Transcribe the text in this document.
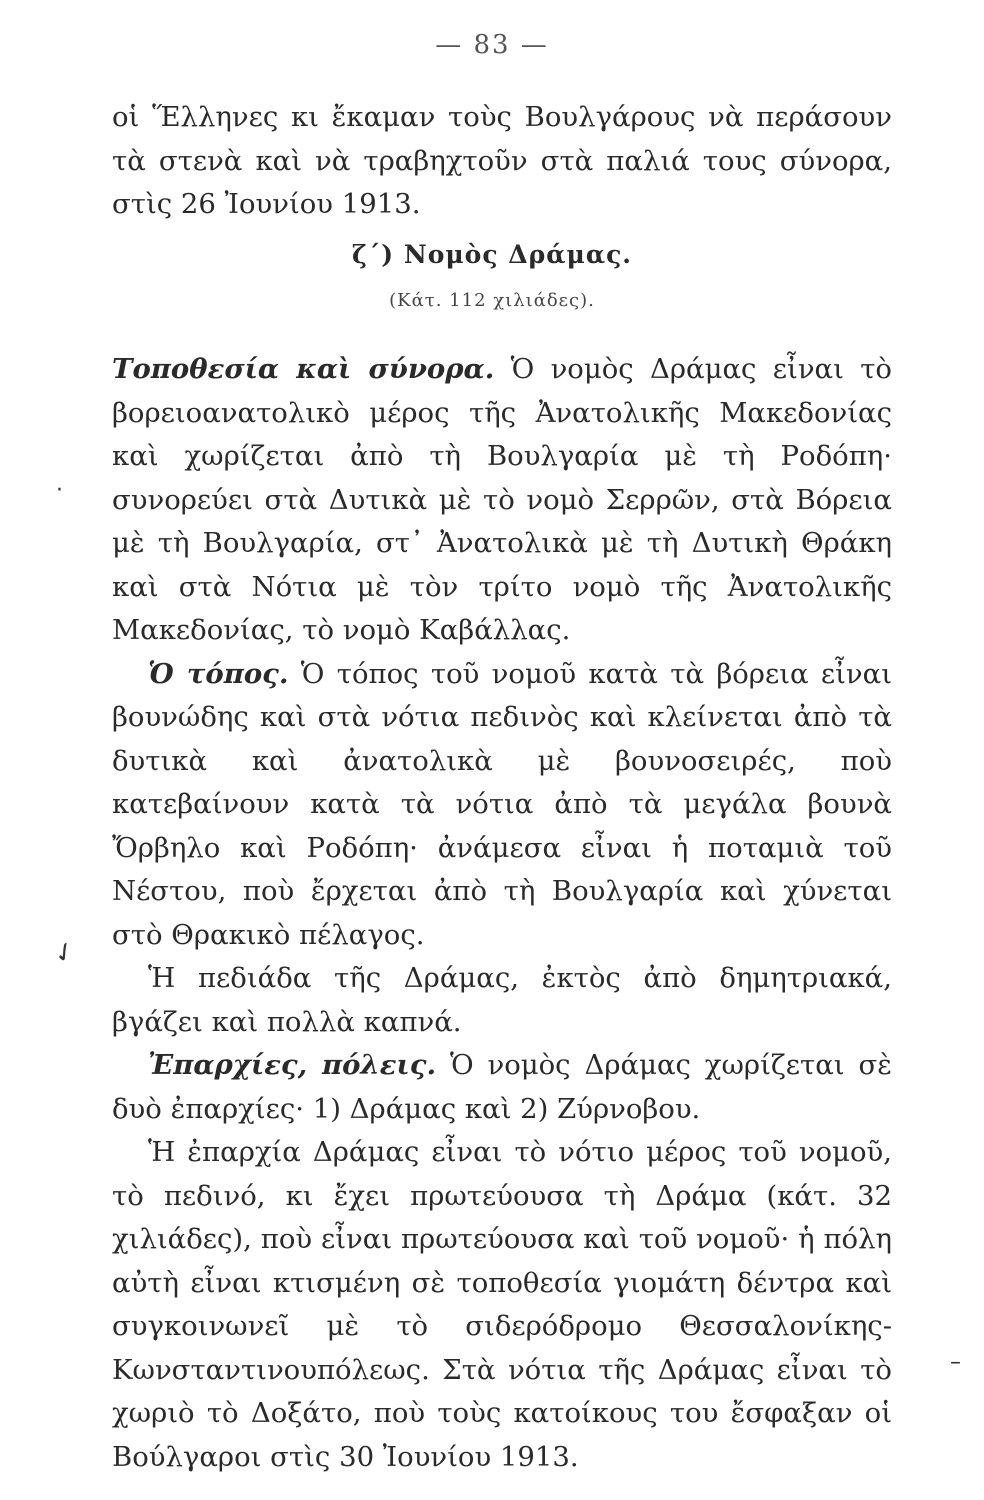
— 83 —
οἱ Ἕλληνες κι ἔκαμαν τοὺς Βουλγάρους νὰ περάσουν τὰ στενὰ καὶ νὰ τραβηχτοῦν στὰ παλιά τους σύνορα, στὶς 26 Ἰουνίου 1913.
ζ΄) Νομὸς Δράμας.
(Κάτ. 112 χιλιάδες).

Τοποθεσία καὶ σύνορα. Ὁ νομὸς Δράμας εἶναι τὸ βορειοανατολικὸ μέρος τῆς Ἀνατολικῆς Μακεδονίας καὶ χωρίζεται ἀπὸ τὴ Βουλγαρία μὲ τὴ Ροδόπη· συνορεύει στὰ Δυτικὰ μὲ τὸ νομὸ Σερρῶν, στὰ Βόρεια μὲ τὴ Βουλγαρία, στ᾽ Ἀνατολικὰ μὲ τὴ Δυτικὴ Θράκη καὶ στὰ Νότια μὲ τὸν τρίτο νομὸ τῆς Ἀνατολικῆς Μακεδονίας, τὸ νομὸ Καβάλλας.

Ὁ τόπος. Ὁ τόπος τοῦ νομοῦ κατὰ τὰ βόρεια εἶναι βουνώδης καὶ στὰ νότια πεδινὸς καὶ κλείνεται ἀπὸ τὰ δυτικὰ καὶ ἀνατολικὰ μὲ βουνοσειρές, ποὺ κατεβαίνουν κατὰ τὰ νότια ἀπὸ τὰ μεγάλα βουνὰ Ὄρβηλο καὶ Ροδόπη· ἀνάμεσα εἶναι ἡ ποταμιὰ τοῦ Νέστου, ποὺ ἔρχεται ἀπὸ τὴ Βουλγαρία καὶ χύνεται στὸ Θρακικὸ πέλαγος.

Ἡ πεδιάδα τῆς Δράμας, ἐκτὸς ἀπὸ δημητριακά, βγάζει καὶ πολλὰ καπνά.

Ἐπαρχίες, πόλεις. Ὁ νομὸς Δράμας χωρίζεται σὲ δυὸ ἐπαρχίες· 1) Δράμας καὶ 2) Ζύρνοβου.

Ἡ ἐπαρχία Δράμας εἶναι τὸ νότιο μέρος τοῦ νομοῦ, τὸ πεδινό, κι ἔχει πρωτεύουσα τὴ Δράμα (κάτ. 32 χιλιάδες), ποὺ εἶναι πρωτεύουσα καὶ τοῦ νομοῦ· ἡ πόλη αὐτὴ εἶναι κτισμένη σὲ τοποθεσία γιομάτη δέντρα καὶ συγκοινωνεῖ μὲ τὸ σιδερόδρομο Θεσσαλονίκης-Κωνσταντινουπόλεως. Στὰ νότια τῆς Δράμας εἶναι τὸ χωριὸ τὸ Δοξάτο, ποὺ τοὺς κατοίκους του ἔσφαξαν οἱ Βούλγαροι στὶς 30 Ἰουνίου 1913.

·
✓
–
